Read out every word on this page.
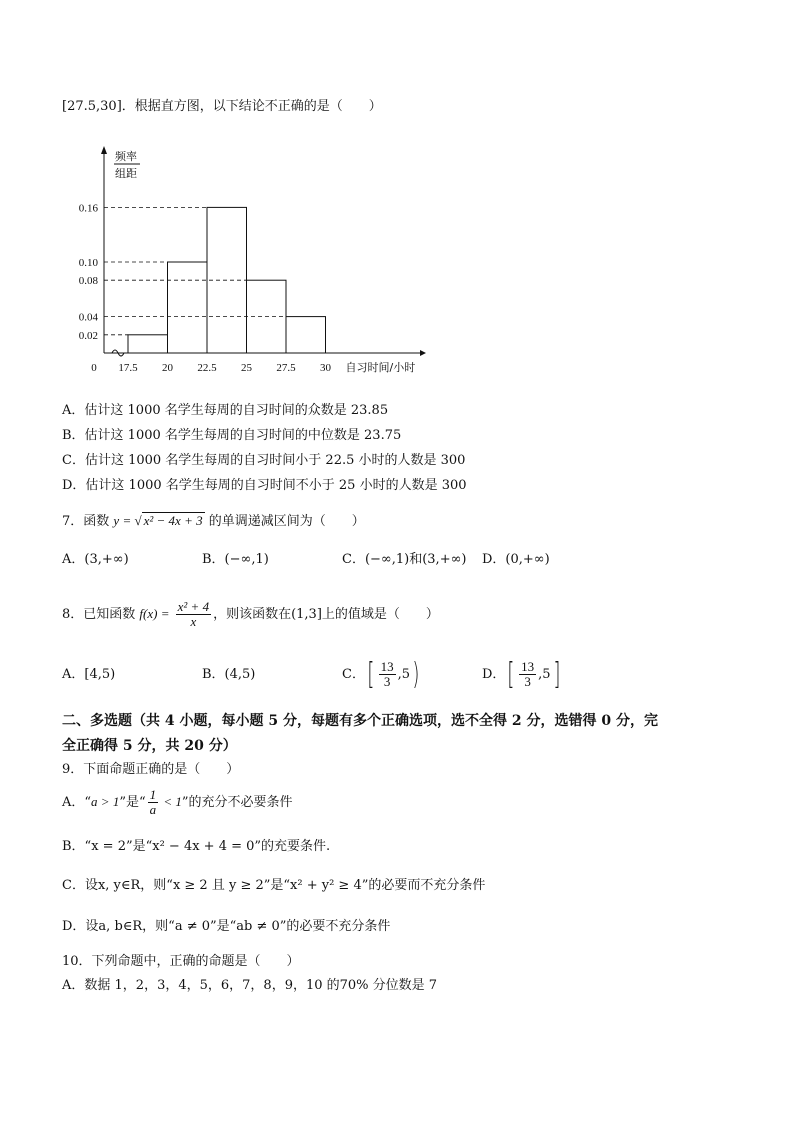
[27.5,30]．根据直方图，以下结论不正确的是（　　）
频率
组距
0
0.16
0.10
0.08
0.04
0.02
17.5 20 22.5 25 27.5 30 自习时间/小时
A．估计这 1000 名学生每周的自习时间的众数是 23.85
B．估计这 1000 名学生每周的自习时间的中位数是 23.75
C．估计这 1000 名学生每周的自习时间小于 22.5 小时的人数是 300
D．估计这 1000 名学生每周的自习时间不小于 25 小时的人数是 300
7．函数 y = √ x² − 4x + 3 的单调递减区间为（　　）
A．(3,+∞)	B．(−∞,1)	C．(−∞,1)和(3,+∞) D．(0,+∞)
8．已知函数 $f(x) = \frac{\text{x² + 4}}{x}$ ，则该函数在(1,3]上的值域是（　　）
A．[4,5)	B．(4,5)	C．[ $\frac{13}{3} ,5$)	D．[ $\frac{13}{3} ,5$]
二、多选题（共 4 小题，每小题 5 分，每题有多个正确选项，选不全得 2 分，选错得 0 分，完
全正确得 5 分，共 20 分）
9．下面命题正确的是（　　）
A．“a > 1”是“ $\frac{1}{a} < 1$”的充分不必要条件
B．“x = 2”是“x² − 4x + 4 = 0”的充要条件.
C．设x, y∈R，则“x ≥ 2 且 y ≥ 2”是“x² + y² ≥ 4”的必要而不充分条件
D．设a, b∈R，则“a ≠ 0”是“ab ≠ 0”的必要不充分条件
10．下列命题中，正确的命题是（　　）
A．数据 1，2，3，4，5，6，7，8，9，10 的70% 分位数是 7
